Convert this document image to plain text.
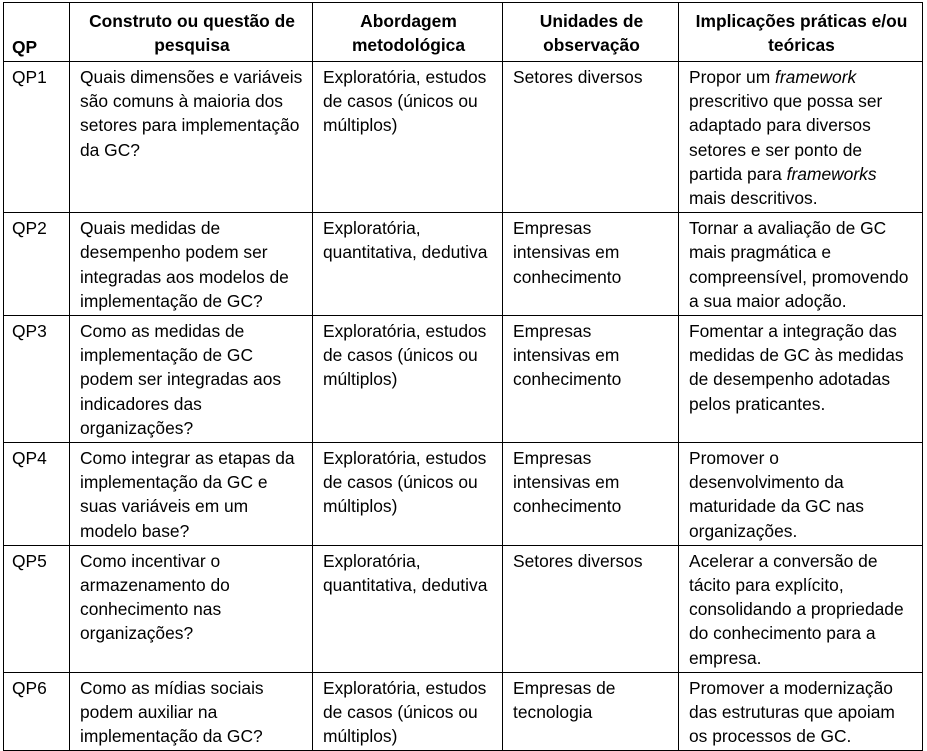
QP	Construto ou questão de pesquisa	Abordagem metodológica	Unidades de observação	Implicações práticas e/ou teóricas
QP1	Quais dimensões e variáveis são comuns à maioria dos setores para implementação da GC?	Exploratória, estudos de casos (únicos ou múltiplos)	Setores diversos	Propor um framework prescritivo que possa ser adaptado para diversos setores e ser ponto de partida para frameworks mais descritivos.
QP2	Quais medidas de desempenho podem ser integradas aos modelos de implementação de GC?	Exploratória, quantitativa, dedutiva	Empresas intensivas em conhecimento	Tornar a avaliação de GC mais pragmática e compreensível, promovendo a sua maior adoção.
QP3	Como as medidas de implementação de GC podem ser integradas aos indicadores das organizações?	Exploratória, estudos de casos (únicos ou múltiplos)	Empresas intensivas em conhecimento	Fomentar a integração das medidas de GC às medidas de desempenho adotadas pelos praticantes.
QP4	Como integrar as etapas da implementação da GC e suas variáveis em um modelo base?	Exploratória, estudos de casos (únicos ou múltiplos)	Empresas intensivas em conhecimento	Promover o desenvolvimento da maturidade da GC nas organizações.
QP5	Como incentivar o armazenamento do conhecimento nas organizações?	Exploratória, quantitativa, dedutiva	Setores diversos	Acelerar a conversão de tácito para explícito, consolidando a propriedade do conhecimento para a empresa.
QP6	Como as mídias sociais podem auxiliar na implementação da GC?	Exploratória, estudos de casos (únicos ou múltiplos)	Empresas de tecnologia	Promover a modernização das estruturas que apoiam os processos de GC.
